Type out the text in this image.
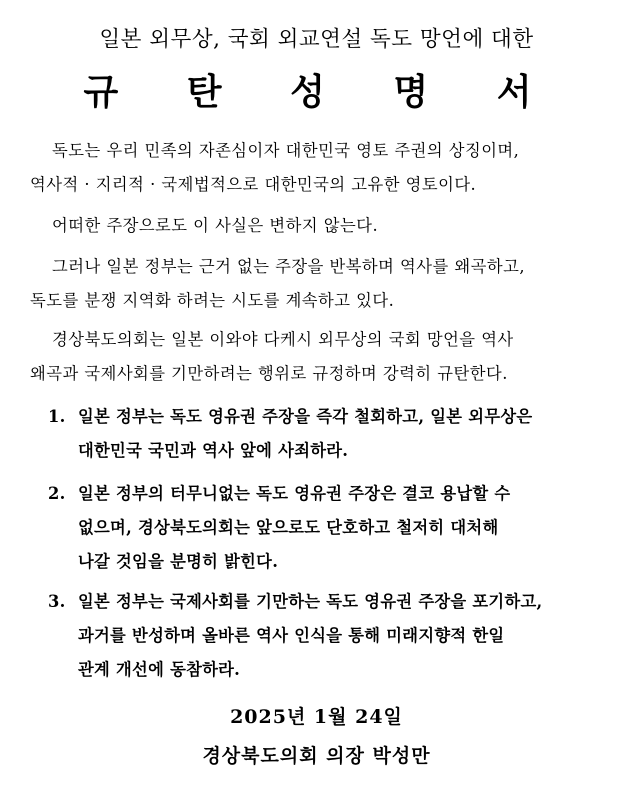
일본 외무상, 국회 외교연설 독도 망언에 대한
규 탄 성 명 서
독도는 우리 민족의 자존심이자 대한민국 영토 주권의 상징이며,
역사적 · 지리적 · 국제법적으로 대한민국의 고유한 영토이다.
어떠한 주장으로도 이 사실은 변하지 않는다.
그러나 일본 정부는 근거 없는 주장을 반복하며 역사를 왜곡하고,
독도를 분쟁 지역화 하려는 시도를 계속하고 있다.
경상북도의회는 일본 이와야 다케시 외무상의 국회 망언을 역사
왜곡과 국제사회를 기만하려는 행위로 규정하며 강력히 규탄한다.
1. 일본 정부는 독도 영유권 주장을 즉각 철회하고, 일본 외무상은
대한민국 국민과 역사 앞에 사죄하라.
2. 일본 정부의 터무니없는 독도 영유권 주장은 결코 용납할 수
없으며, 경상북도의회는 앞으로도 단호하고 철저히 대처해
나갈 것임을 분명히 밝힌다.
3. 일본 정부는 국제사회를 기만하는 독도 영유권 주장을 포기하고,
과거를 반성하며 올바른 역사 인식을 통해 미래지향적 한일
관계 개선에 동참하라.
2025년 1월 24일
경상북도의회 의장 박성만
